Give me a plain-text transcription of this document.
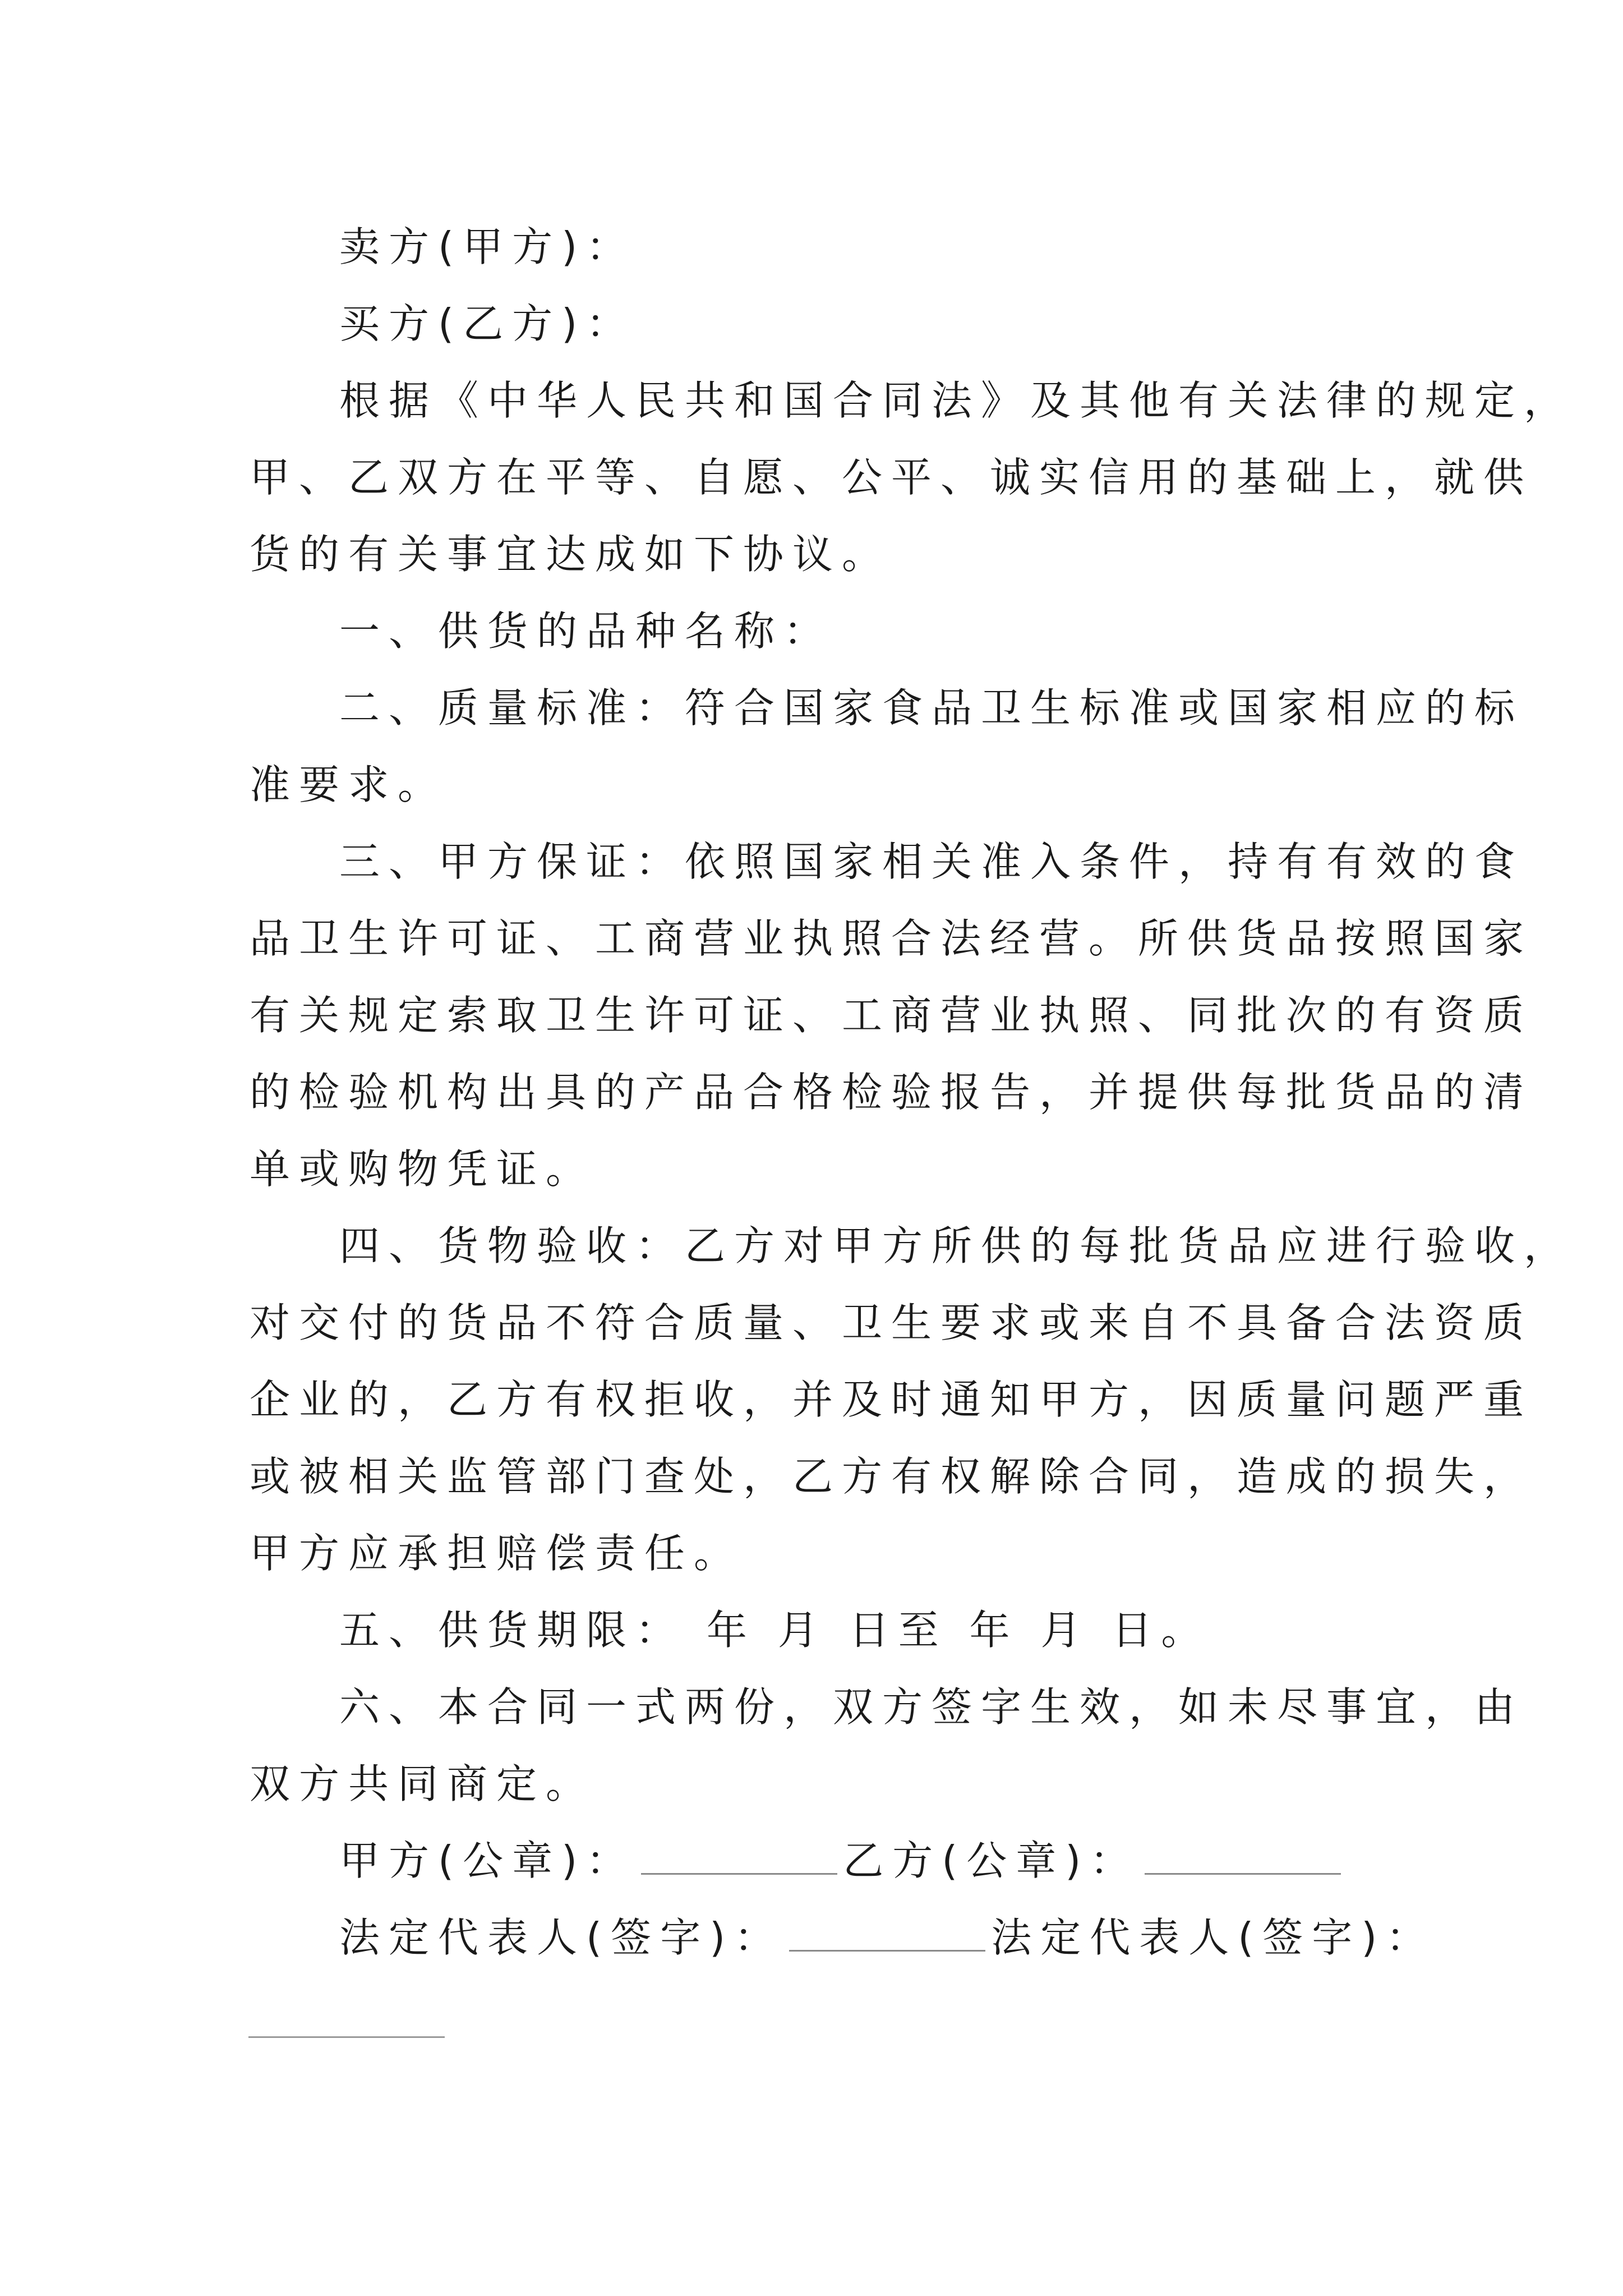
卖方(甲方)：

买方(乙方)：

根据《中华人民共和国合同法》及其他有关法律的规定，

甲、乙双方在平等、自愿、公平、诚实信用的基础上，就供

货的有关事宜达成如下协议。

一、供货的品种名称：

二、质量标准：符合国家食品卫生标准或国家相应的标

准要求。

三、甲方保证：依照国家相关准入条件，持有有效的食

品卫生许可证、工商营业执照合法经营。所供货品按照国家

有关规定索取卫生许可证、工商营业执照、同批次的有资质

的检验机构出具的产品合格检验报告，并提供每批货品的清

单或购物凭证。

四、货物验收：乙方对甲方所供的每批货品应进行验收，

对交付的货品不符合质量、卫生要求或来自不具备合法资质

企业的，乙方有权拒收，并及时通知甲方，因质量问题严重

或被相关监管部门查处，乙方有权解除合同，造成的损失，

甲方应承担赔偿责任。

五、供货期限： 年 月 日至 年 月 日。

六、本合同一式两份，双方签字生效，如未尽事宜，由

双方共同商定。

甲方(公章)：	乙方(公章)：

法定代表人(签字)：	法定代表人(签字)：
